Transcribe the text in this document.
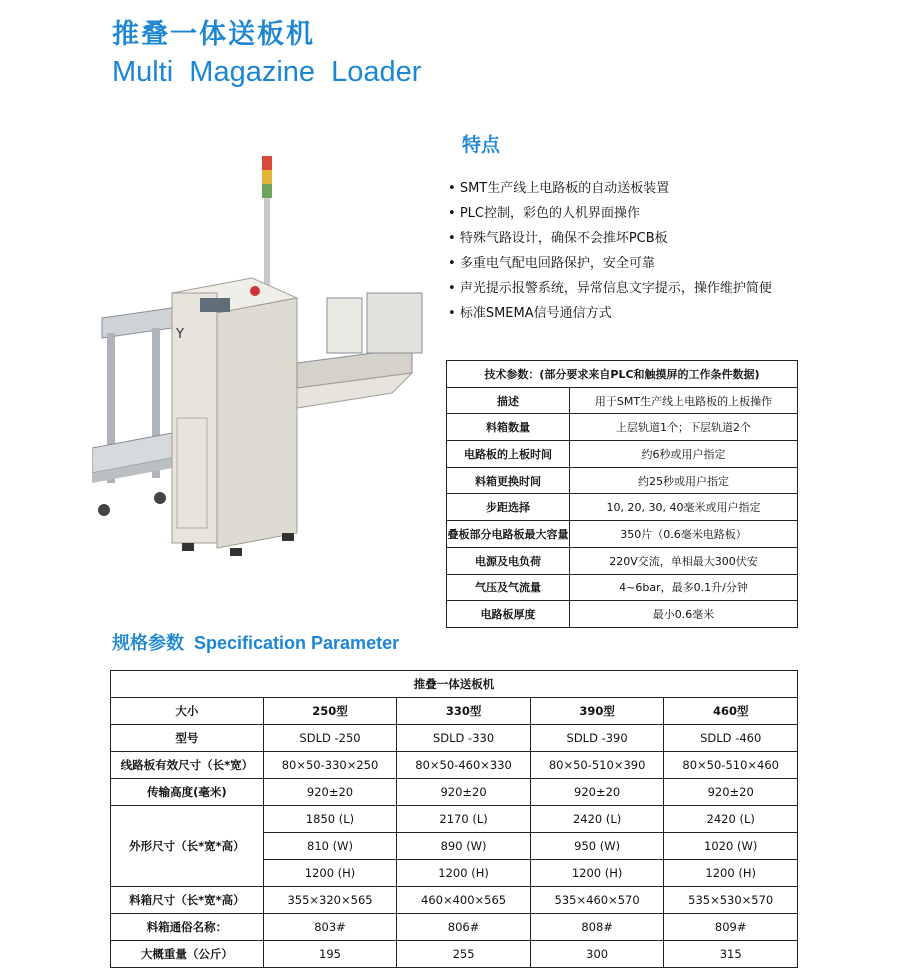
推叠一体送板机
Multi Magazine Loader
Y
特点
• SMT生产线上电路板的自动送板装置
• PLC控制，彩色的人机界面操作
• 特殊气路设计，确保不会推坏PCB板
• 多重电气配电回路保护，安全可靠
• 声光提示报警系统，异常信息文字提示，操作维护简便
• 标准SMEMA信号通信方式
技术参数：(部分要求来自PLC和触摸屏的工作条件数据)	
描述	用于SMT生产线上电路板的上板操作
料箱数量	上层轨道1个；下层轨道2个
电路板的上板时间	约6秒或用户指定
料箱更换时间	约25秒或用户指定
步距选择	10, 20, 30, 40毫米或用户指定
叠板部分电路板最大容量	350片（0.6毫米电路板）
电源及电负荷	220V交流，单相最大300伏安
气压及气流量	4~6bar，最多0.1升/分钟
电路板厚度	最小0.6毫米
规格参数 Specification Parameter
推叠一体送板机				
大小	250型	330型	390型	460型
型号	SDLD -250	SDLD -330	SDLD -390	SDLD -460
线路板有效尺寸（长*宽）	80×50-330×250	80×50-460×330	80×50-510×390	80×50-510×460
传输高度(毫米)	920±20	920±20	920±20	920±20
外形尺寸（长*宽*高）	1850 (L)	2170 (L)	2420 (L)	2420 (L)
	810 (W)	890 (W)	950 (W)	1020 (W)
	1200 (H)	1200 (H)	1200 (H)	1200 (H)
料箱尺寸（长*宽*高）	355×320×565	460×400×565	535×460×570	535×530×570
料箱通俗名称：	803#	806#	808#	809#
大概重量（公斤）	195	255	300	315
